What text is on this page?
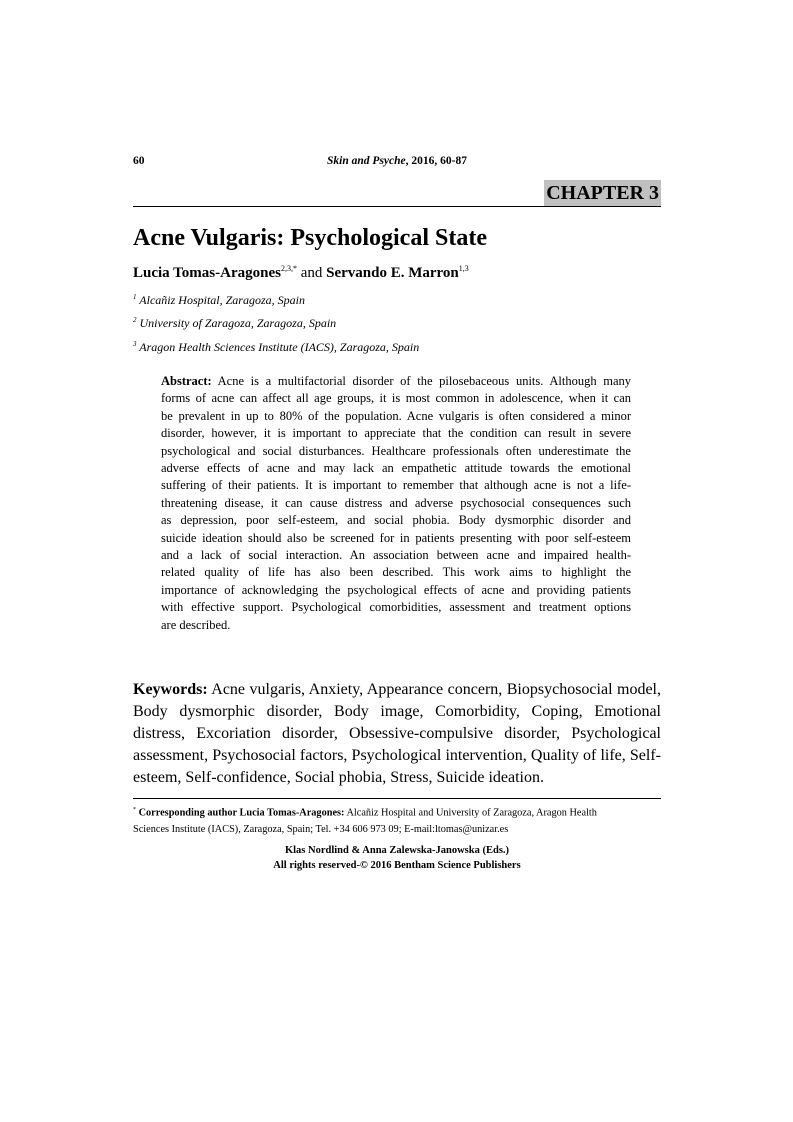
60	Skin and Psyche, 2016, 60-87
CHAPTER 3
Acne Vulgaris: Psychological State
Lucia Tomas-Aragones$^{2,3,*}$ and Servando E. Marron$^{1,3}$
$^1$ Alcañiz Hospital, Zaragoza, Spain
$^2$ University of Zaragoza, Zaragoza, Spain
$^3$ Aragon Health Sciences Institute (IACS), Zaragoza, Spain
Abstract: Acne is a multifactorial disorder of the pilosebaceous units. Although many
forms of acne can affect all age groups, it is most common in adolescence, when it can
be prevalent in up to 80% of the population. Acne vulgaris is often considered a minor
disorder, however, it is important to appreciate that the condition can result in severe
psychological and social disturbances. Healthcare professionals often underestimate the
adverse effects of acne and may lack an empathetic attitude towards the emotional
suffering of their patients. It is important to remember that although acne is not a life-
threatening disease, it can cause distress and adverse psychosocial consequences such
as depression, poor self-esteem, and social phobia. Body dysmorphic disorder and
suicide ideation should also be screened for in patients presenting with poor self-esteem
and a lack of social interaction. An association between acne and impaired health-
related quality of life has also been described. This work aims to highlight the
importance of acknowledging the psychological effects of acne and providing patients
with effective support. Psychological comorbidities, assessment and treatment options
are described.
Keywords: Acne vulgaris, Anxiety, Appearance concern, Biopsychosocial model,
Body dysmorphic disorder, Body image, Comorbidity, Coping, Emotional
distress, Excoriation disorder, Obsessive-compulsive disorder, Psychological
assessment, Psychosocial factors, Psychological intervention, Quality of life, Self-
esteem, Self-confidence, Social phobia, Stress, Suicide ideation.
* Corresponding author Lucia Tomas-Aragones: Alcañiz Hospital and University of Zaragoza, Aragon Health
Sciences Institute (IACS), Zaragoza, Spain; Tel. +34 606 973 09; E-mail:ltomas@unizar.es
Klas Nordlind & Anna Zalewska-Janowska (Eds.)
All rights reserved-© 2016 Bentham Science Publishers
